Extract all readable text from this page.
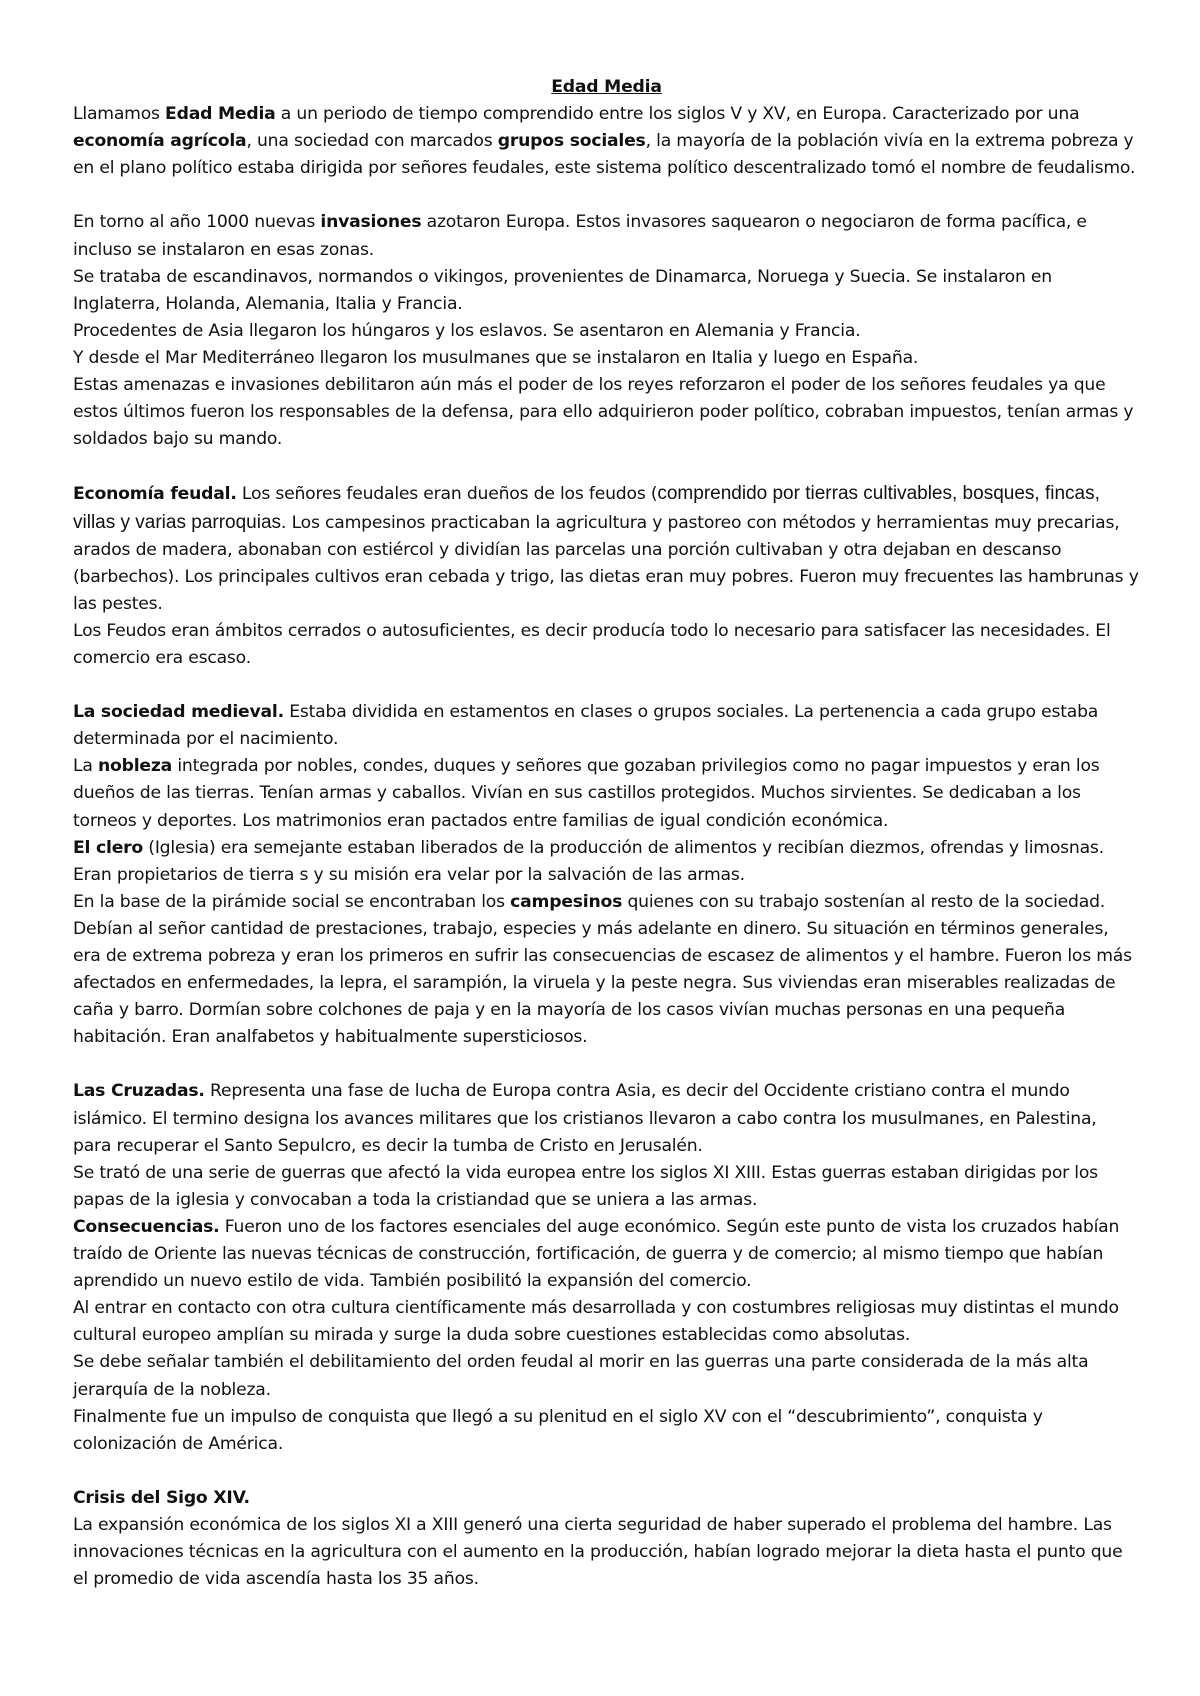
Edad Media

Llamamos Edad Media a un periodo de tiempo comprendido entre los siglos V y XV, en Europa. Caracterizado por una economía agrícola, una sociedad con marcados grupos sociales, la mayoría de la población vivía en la extrema pobreza y en el plano político estaba dirigida por señores feudales, este sistema político descentralizado tomó el nombre de feudalismo.

En torno al año 1000 nuevas invasiones azotaron Europa. Estos invasores saquearon o negociaron de forma pacífica, e incluso se instalaron en esas zonas.

Se trataba de escandinavos, normandos o vikingos, provenientes de Dinamarca, Noruega y Suecia. Se instalaron en Inglaterra, Holanda, Alemania, Italia y Francia.

Procedentes de Asia llegaron los húngaros y los eslavos. Se asentaron en Alemania y Francia.

Y desde el Mar Mediterráneo llegaron los musulmanes que se instalaron en Italia y luego en España.

Estas amenazas e invasiones debilitaron aún más el poder de los reyes reforzaron el poder de los señores feudales ya que estos últimos fueron los responsables de la defensa, para ello adquirieron poder político, cobraban impuestos, tenían armas y soldados bajo su mando.

Economía feudal. Los señores feudales eran dueños de los feudos (comprendido por tierras cultivables, bosques, fincas, villas y varias parroquias. Los campesinos practicaban la agricultura y pastoreo con métodos y herramientas muy precarias, arados de madera, abonaban con estiércol y dividían las parcelas una porción cultivaban y otra dejaban en descanso (barbechos). Los principales cultivos eran cebada y trigo, las dietas eran muy pobres. Fueron muy frecuentes las hambrunas y las pestes.

Los Feudos eran ámbitos cerrados o autosuficientes, es decir producía todo lo necesario para satisfacer las necesidades. El comercio era escaso.

La sociedad medieval. Estaba dividida en estamentos en clases o grupos sociales. La pertenencia a cada grupo estaba determinada por el nacimiento.

La nobleza integrada por nobles, condes, duques y señores que gozaban privilegios como no pagar impuestos y eran los dueños de las tierras. Tenían armas y caballos. Vivían en sus castillos protegidos. Muchos sirvientes. Se dedicaban a los torneos y deportes. Los matrimonios eran pactados entre familias de igual condición económica.

El clero (Iglesia) era semejante estaban liberados de la producción de alimentos y recibían diezmos, ofrendas y limosnas. Eran propietarios de tierra s y su misión era velar por la salvación de las armas.

En la base de la pirámide social se encontraban los campesinos quienes con su trabajo sostenían al resto de la sociedad. Debían al señor cantidad de prestaciones, trabajo, especies y más adelante en dinero. Su situación en términos generales, era de extrema pobreza y eran los primeros en sufrir las consecuencias de escasez de alimentos y el hambre. Fueron los más afectados en enfermedades, la lepra, el sarampión, la viruela y la peste negra. Sus viviendas eran miserables realizadas de caña y barro. Dormían sobre colchones de paja y en la mayoría de los casos vivían muchas personas en una pequeña habitación. Eran analfabetos y habitualmente supersticiosos.

Las Cruzadas. Representa una fase de lucha de Europa contra Asia, es decir del Occidente cristiano contra el mundo islámico. El termino designa los avances militares que los cristianos llevaron a cabo contra los musulmanes, en Palestina, para recuperar el Santo Sepulcro, es decir la tumba de Cristo en Jerusalén.

Se trató de una serie de guerras que afectó la vida europea entre los siglos XI XIII. Estas guerras estaban dirigidas por los papas de la iglesia y convocaban a toda la cristiandad que se uniera a las armas.

Consecuencias. Fueron uno de los factores esenciales del auge económico. Según este punto de vista los cruzados habían traído de Oriente las nuevas técnicas de construcción, fortificación, de guerra y de comercio; al mismo tiempo que habían aprendido un nuevo estilo de vida. También posibilitó la expansión del comercio.

Al entrar en contacto con otra cultura científicamente más desarrollada y con costumbres religiosas muy distintas el mundo cultural europeo amplían su mirada y surge la duda sobre cuestiones establecidas como absolutas.

Se debe señalar también el debilitamiento del orden feudal al morir en las guerras una parte considerada de la más alta jerarquía de la nobleza.

Finalmente fue un impulso de conquista que llegó a su plenitud en el siglo XV con el “descubrimiento”, conquista y colonización de América.

Crisis del Sigo XIV.

La expansión económica de los siglos XI a XIII generó una cierta seguridad de haber superado el problema del hambre. Las innovaciones técnicas en la agricultura con el aumento en la producción, habían logrado mejorar la dieta hasta el punto que el promedio de vida ascendía hasta los 35 años.
